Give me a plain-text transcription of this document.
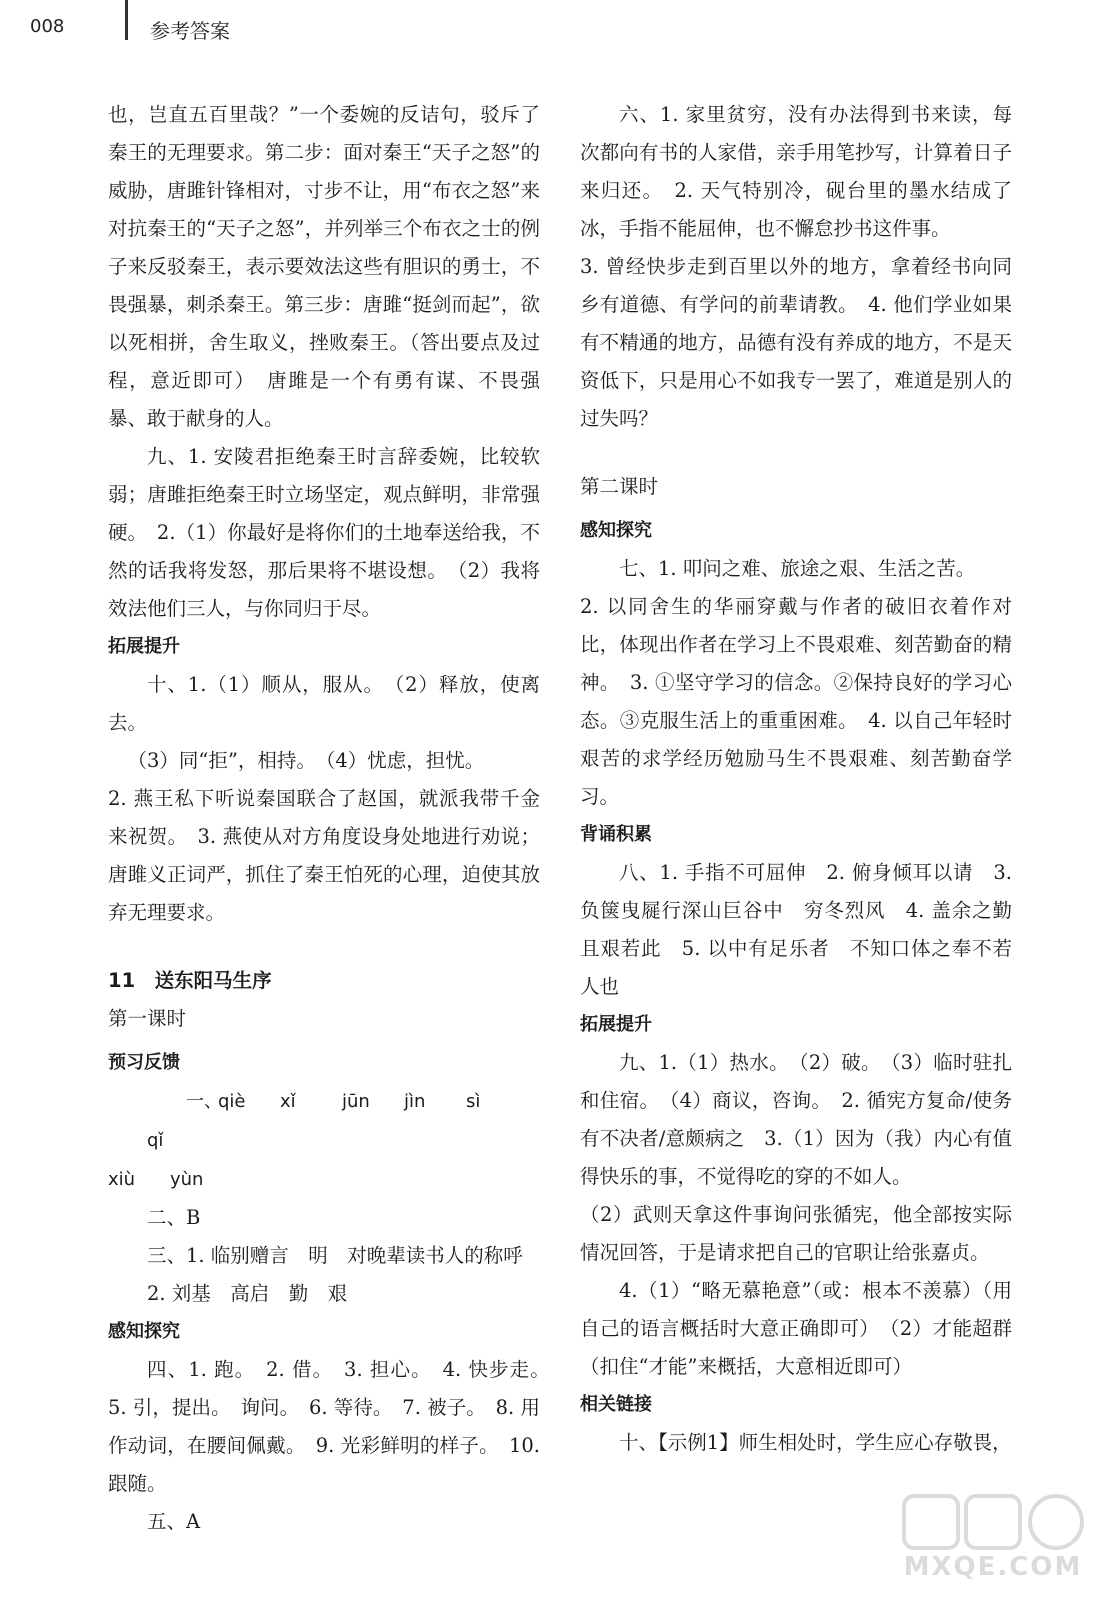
008	参考答案

也，岂直五百里哉？”一个委婉的反诘句，驳斥了秦王的无理要求。第二步：面对秦王“天子之怒”的威胁，唐雎针锋相对，寸步不让，用“布衣之怒”来对抗秦王的“天子之怒”，并列举三个布衣之士的例子来反驳秦王，表示要效法这些有胆识的勇士，不畏强暴，刺杀秦王。第三步：唐雎“挺剑而起”，欲以死相拼，舍生取义，挫败秦王。（答出要点及过程，意近即可）　唐雎是一个有勇有谋、不畏强暴、敢于献身的人。

九、1. 安陵君拒绝秦王时言辞委婉，比较软弱；唐雎拒绝秦王时立场坚定，观点鲜明，非常强硬。　2.（1）你最好是将你们的土地奉送给我，不然的话我将发怒，那后果将不堪设想。　（2）我将效法他们三人，与你同归于尽。

拓展提升

十、1.（1）顺从，服从。　（2）释放，使离去。

（3）同“拒”，相持。　（4）忧虑，担忧。

2. 燕王私下听说秦国联合了赵国，就派我带千金来祝贺。　3. 燕使从对方角度设身处地进行劝说；唐雎义正词严，抓住了秦王怕死的心理，迫使其放弃无理要求。

11　送东阳马生序

第一课时

预习反馈

一、qiè xǐ	jūn jìn sìqǐ

xiù yùn

二、B

三、1. 临别赠言　明　对晚辈读书人的称呼

2. 刘基　高启　勤　艰

感知探究

四、1. 跑。　2. 借。　3. 担心。　4. 快步走。　5. 引，提出。　询问。　6. 等待。　7. 被子。　8. 用作动词，在腰间佩戴。　9. 光彩鲜明的样子。　10. 跟随。

五、A

六、1. 家里贫穷，没有办法得到书来读，每次都向有书的人家借，亲手用笔抄写，计算着日子来归还。　2. 天气特别冷，砚台里的墨水结成了冰，手指不能屈伸，也不懈怠抄书这件事。

3. 曾经快步走到百里以外的地方，拿着经书向同乡有道德、有学问的前辈请教。　4. 他们学业如果有不精通的地方，品德有没有养成的地方，不是天资低下，只是用心不如我专一罢了，难道是别人的过失吗？

第二课时

感知探究

七、1. 叩问之难、旅途之艰、生活之苦。

2. 以同舍生的华丽穿戴与作者的破旧衣着作对比，体现出作者在学习上不畏艰难、刻苦勤奋的精神。　3. ①坚守学习的信念。②保持良好的学习心态。③克服生活上的重重困难。　4. 以自己年轻时艰苦的求学经历勉励马生不畏艰难、刻苦勤奋学习。

背诵积累

八、1. 手指不可屈伸　2. 俯身倾耳以请　3. 负箧曳屣行深山巨谷中　穷冬烈风　4. 盖余之勤且艰若此　5. 以中有足乐者　不知口体之奉不若人也

拓展提升

九、1.（1）热水。　（2）破。　（3）临时驻扎和住宿。　（4）商议，咨询。　2. 循宪方复命/使务有不决者/意颇病之　3.（1）因为（我）内心有值得快乐的事，不觉得吃的穿的不如人。

（2）武则天拿这件事询问张循宪，他全部按实际情况回答，于是请求把自己的官职让给张嘉贞。

4.（1）“略无慕艳意”（或：根本不羡慕）（用自己的语言概括时大意正确即可）　（2）才能超群（扣住“才能”来概括，大意相近即可）

相关链接

十、【示例1】师生相处时，学生应心存敬畏，

MXQE.COM
